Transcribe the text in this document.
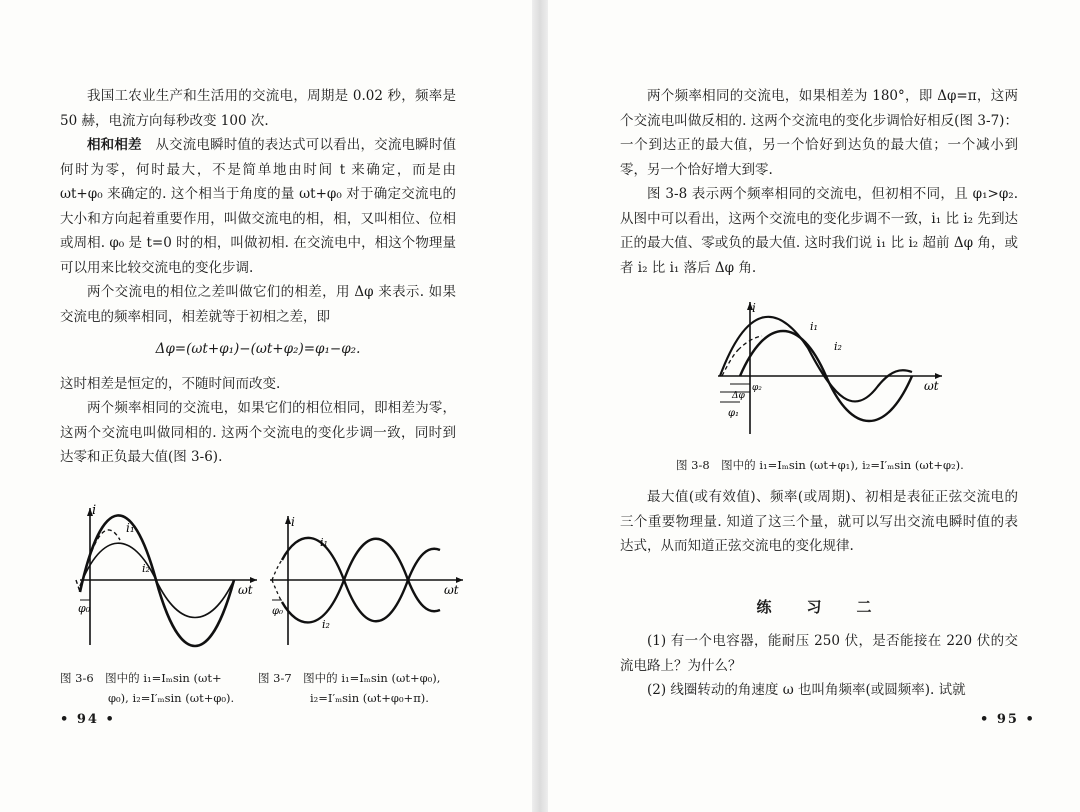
我国工农业生产和生活用的交流电，周期是 0.02 秒，频率是 50 赫，电流方向每秒改变 100 次.

相和相差　从交流电瞬时值的表达式可以看出，交流电瞬时值何时为零，何时最大，不是简单地由时间 t 来确定，而是由 ωt+φ₀ 来确定的. 这个相当于角度的量 ωt+φ₀ 对于确定交流电的大小和方向起着重要作用，叫做交流电的相，相，又叫相位、位相或周相. φ₀ 是 t=0 时的相，叫做初相. 在交流电中，相这个物理量可以用来比较交流电的变化步调.

两个交流电的相位之差叫做它们的相差，用 Δφ 来表示. 如果交流电的频率相同，相差就等于初相之差，即

Δφ=(ωt+φ₁)−(ωt+φ₂)=φ₁−φ₂.

这时相差是恒定的，不随时间而改变.

两个频率相同的交流电，如果它们的相位相同，即相差为零，这两个交流电叫做同相的. 这两个交流电的变化步调一致，同时到达零和正负最大值(图 3-6).

i
i₁
i₂
ωt
φ₀
i
i₁
i₂
ωt
φ₀
图 3-6　图中的 i₁=Iₘsin (ωt+
φ₀), i₂=I′ₘsin (ωt+φ₀).
图 3-7　图中的 i₁=Iₘsin (ωt+φ₀),
i₂=I′ₘsin (ωt+φ₀+π).
• 94 •

两个频率相同的交流电，如果相差为 180°，即 Δφ=π，这两个交流电叫做反相的. 这两个交流电的变化步调恰好相反(图 3-7)：一个到达正的最大值，另一个恰好到达负的最大值；一个减小到零，另一个恰好增大到零.

图 3-8 表示两个频率相同的交流电，但初相不同，且 φ₁>φ₂. 从图中可以看出，这两个交流电的变化步调不一致，i₁ 比 i₂ 先到达正的最大值、零或负的最大值. 这时我们说 i₁ 比 i₂ 超前 Δφ 角，或者 i₂ 比 i₁ 落后 Δφ 角.

i
i₁
i₂
ωt
φ₂
Δφ
φ₁
图 3-8　图中的 i₁=Iₘsin (ωt+φ₁), i₂=I′ₘsin (ωt+φ₂).

最大值(或有效值)、频率(或周期)、初相是表征正弦交流电的三个重要物理量. 知道了这三个量，就可以写出交流电瞬时值的表达式，从而知道正弦交流电的变化规律.

练　习　二

(1) 有一个电容器，能耐压 250 伏，是否能接在 220 伏的交流电路上？为什么？

(2) 线圈转动的角速度 ω 也叫角频率(或圆频率). 试就

• 95 •
